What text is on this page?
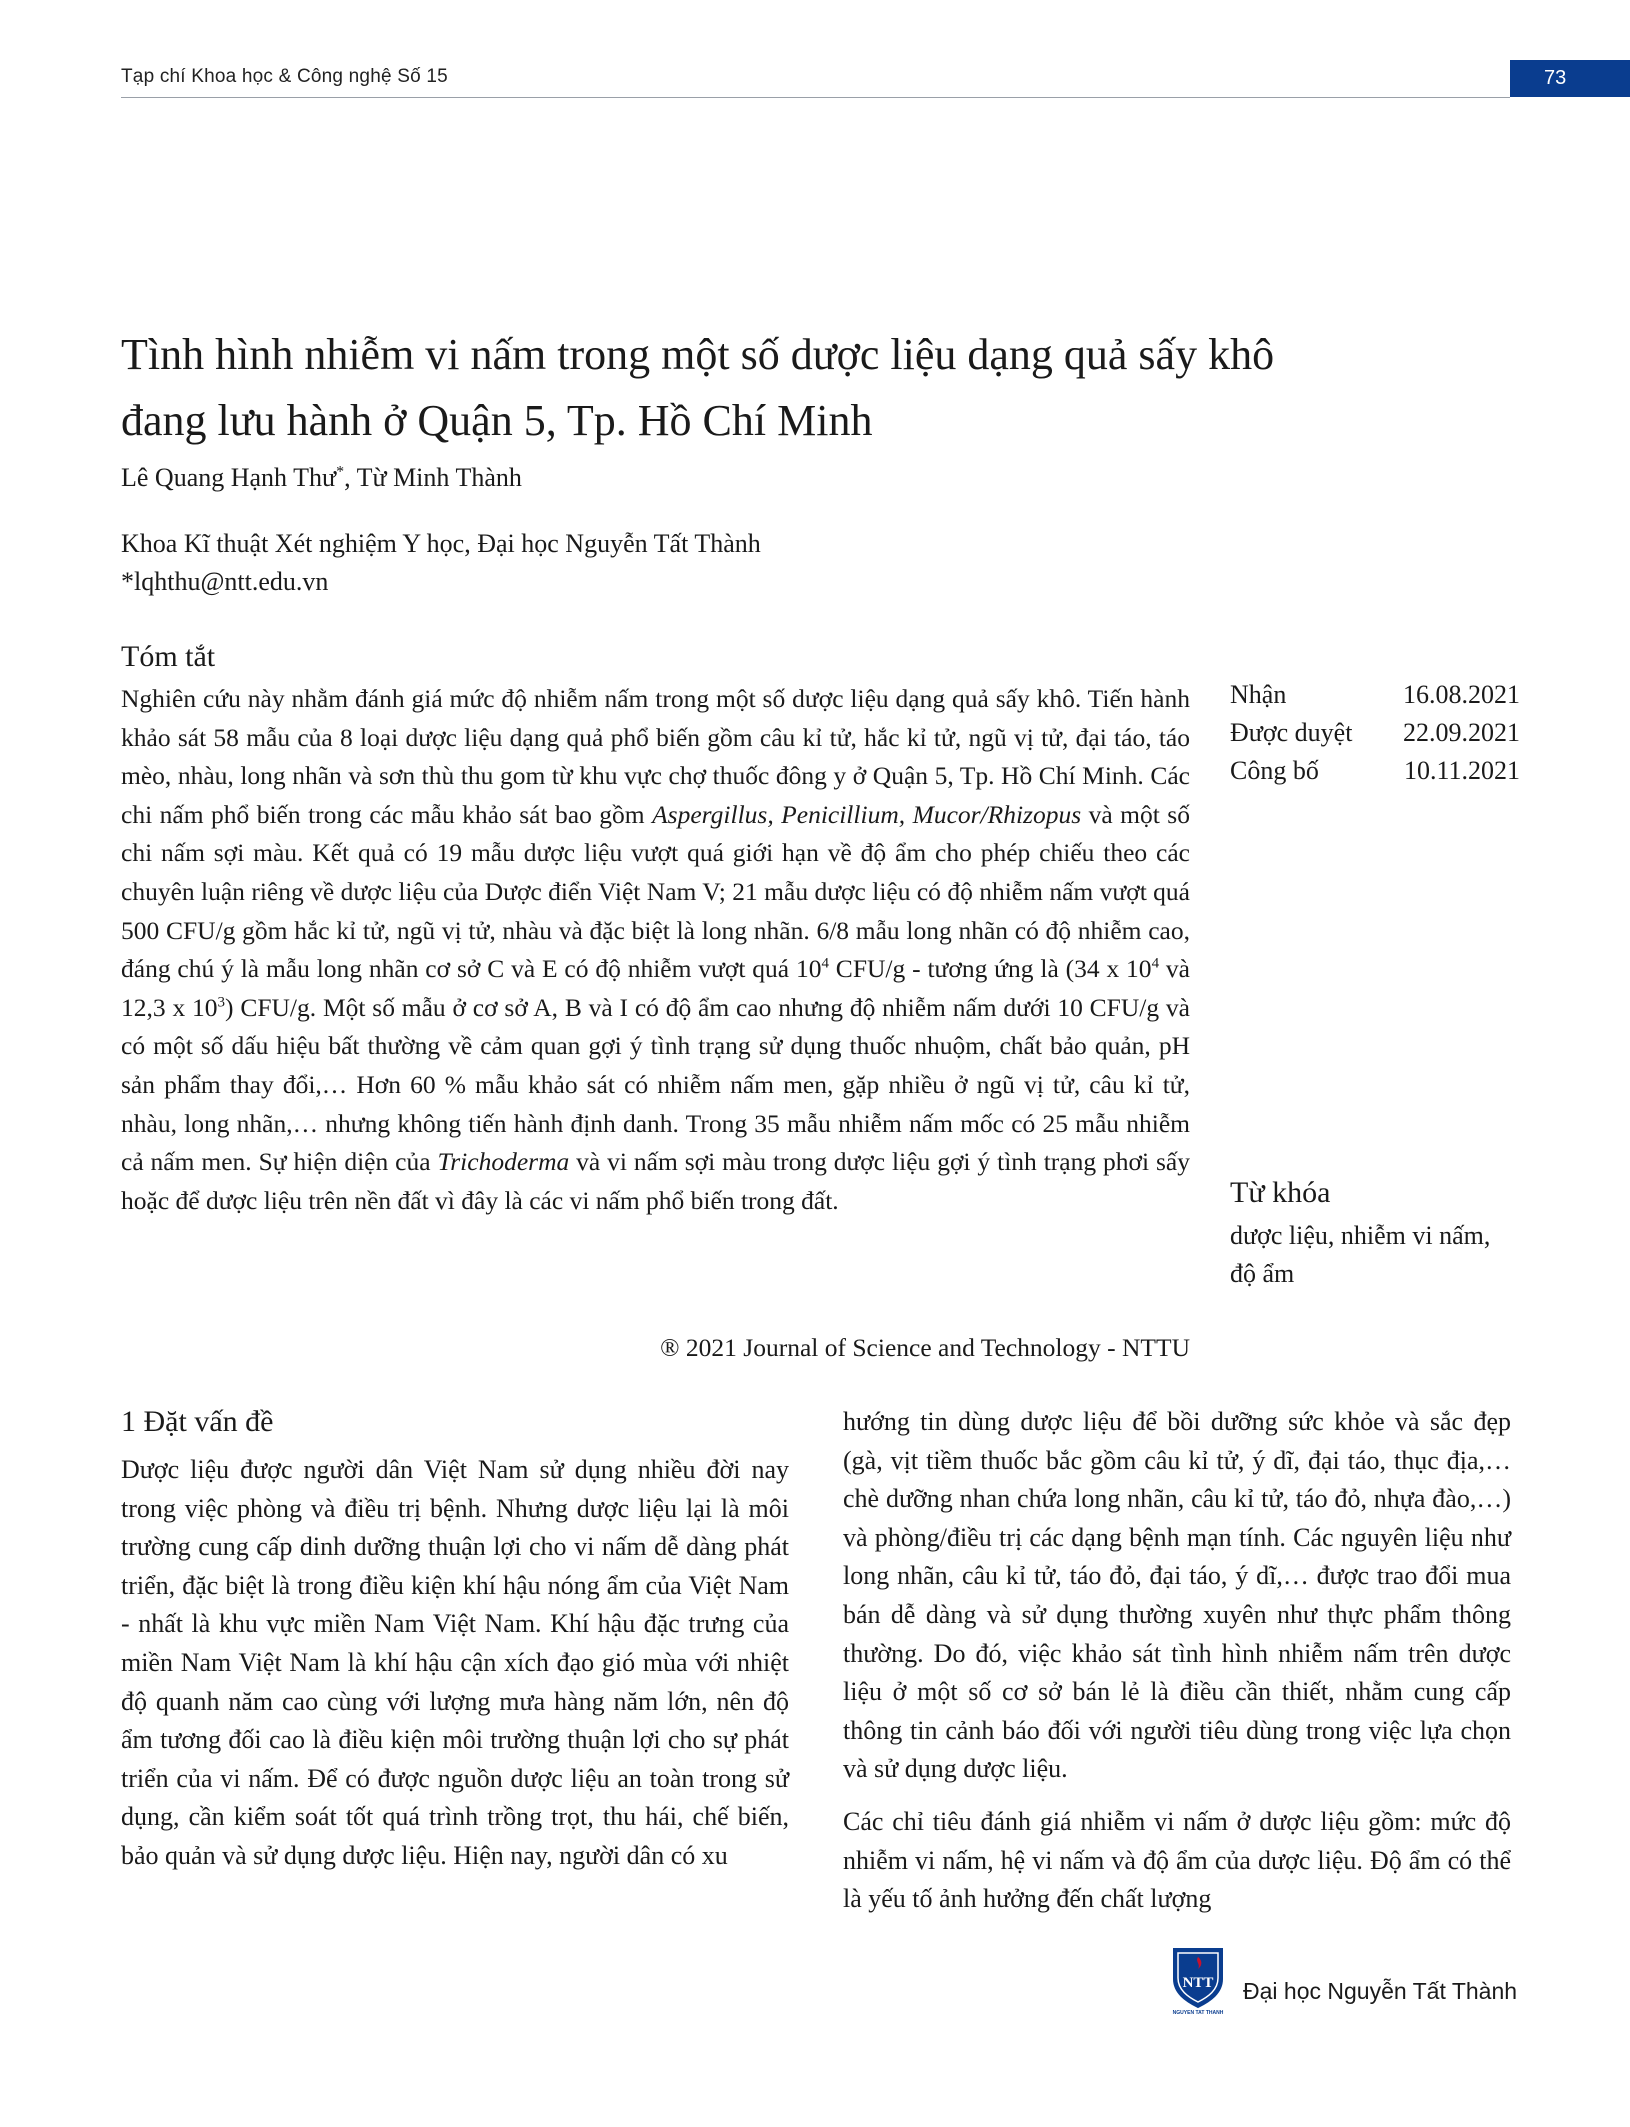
Tạp chí Khoa học & Công nghệ Số 15	73
Tình hình nhiễm vi nấm trong một số dược liệu dạng quả sấy khô
đang lưu hành ở Quận 5, Tp. Hồ Chí Minh
Lê Quang Hạnh Thư*, Từ Minh Thành
Khoa Kĩ thuật Xét nghiệm Y học, Đại học Nguyễn Tất Thành
*lqhthu@ntt.edu.vn
Tóm tắt

Nghiên cứu này nhằm đánh giá mức độ nhiễm nấm trong một số dược liệu dạng quả sấy khô. Tiến hành khảo sát 58 mẫu của 8 loại dược liệu dạng quả phổ biến gồm câu kỉ tử, hắc kỉ tử, ngũ vị tử, đại táo, táo mèo, nhàu, long nhãn và sơn thù thu gom từ khu vực chợ thuốc đông y ở Quận 5, Tp. Hồ Chí Minh. Các chi nấm phổ biến trong các mẫu khảo sát bao gồm Aspergillus, Penicillium, Mucor/Rhizopus và một số chi nấm sợi màu. Kết quả có 19 mẫu dược liệu vượt quá giới hạn về độ ẩm cho phép chiếu theo các chuyên luận riêng về dược liệu của Dược điển Việt Nam V; 21 mẫu dược liệu có độ nhiễm nấm vượt quá 500 CFU/g gồm hắc kỉ tử, ngũ vị tử, nhàu và đặc biệt là long nhãn. 6/8 mẫu long nhãn có độ nhiễm cao, đáng chú ý là mẫu long nhãn cơ sở C và E có độ nhiễm vượt quá $10^4$ CFU/g - tương ứng là (34 x $10^4$ và 12,3 x $10^3$) CFU/g. Một số mẫu ở cơ sở A, B và I có độ ẩm cao nhưng độ nhiễm nấm dưới 10 CFU/g và có một số dấu hiệu bất thường về cảm quan gợi ý tình trạng sử dụng thuốc nhuộm, chất bảo quản, pH sản phẩm thay đổi,… Hơn 60 % mẫu khảo sát có nhiễm nấm men, gặp nhiều ở ngũ vị tử, câu kỉ tử, nhàu, long nhãn,… nhưng không tiến hành định danh. Trong 35 mẫu nhiễm nấm mốc có 25 mẫu nhiễm cả nấm men. Sự hiện diện của Trichoderma và vi nấm sợi màu trong dược liệu gợi ý tình trạng phơi sấy hoặc để dược liệu trên nền đất vì đây là các vi nấm phổ biến trong đất.

® 2021 Journal of Science and Technology - NTTU
Nhận	16.08.2021
Được duyệt 22.09.2021
Công bố	10.11.2021
Từ khóa
dược liệu, nhiễm vi nấm, độ ẩm
1 Đặt vấn đề

Dược liệu được người dân Việt Nam sử dụng nhiều đời nay trong việc phòng và điều trị bệnh. Nhưng dược liệu lại là môi trường cung cấp dinh dưỡng thuận lợi cho vi nấm dễ dàng phát triển, đặc biệt là trong điều kiện khí hậu nóng ẩm của Việt Nam - nhất là khu vực miền Nam Việt Nam. Khí hậu đặc trưng của miền Nam Việt Nam là khí hậu cận xích đạo gió mùa với nhiệt độ quanh năm cao cùng với lượng mưa hàng năm lớn, nên độ ẩm tương đối cao là điều kiện môi trường thuận lợi cho sự phát triển của vi nấm. Để có được nguồn dược liệu an toàn trong sử dụng, cần kiểm soát tốt quá trình trồng trọt, thu hái, chế biến, bảo quản và sử dụng dược liệu. Hiện nay, người dân có xu

hướng tin dùng dược liệu để bồi dưỡng sức khỏe và sắc đẹp (gà, vịt tiềm thuốc bắc gồm câu kỉ tử, ý dĩ, đại táo, thục địa,… chè dưỡng nhan chứa long nhãn, câu kỉ tử, táo đỏ, nhựa đào,…) và phòng/điều trị các dạng bệnh mạn tính. Các nguyên liệu như long nhãn, câu kỉ tử, táo đỏ, đại táo, ý dĩ,… được trao đổi mua bán dễ dàng và sử dụng thường xuyên như thực phẩm thông thường. Do đó, việc khảo sát tình hình nhiễm nấm trên dược liệu ở một số cơ sở bán lẻ là điều cần thiết, nhằm cung cấp thông tin cảnh báo đối với người tiêu dùng trong việc lựa chọn và sử dụng dược liệu.

Các chỉ tiêu đánh giá nhiễm vi nấm ở dược liệu gồm: mức độ nhiễm vi nấm, hệ vi nấm và độ ẩm của dược liệu. Độ ẩm có thể là yếu tố ảnh hưởng đến chất lượng

NTT
NGUYEN TAT THANH
Đại học Nguyễn Tất Thành
